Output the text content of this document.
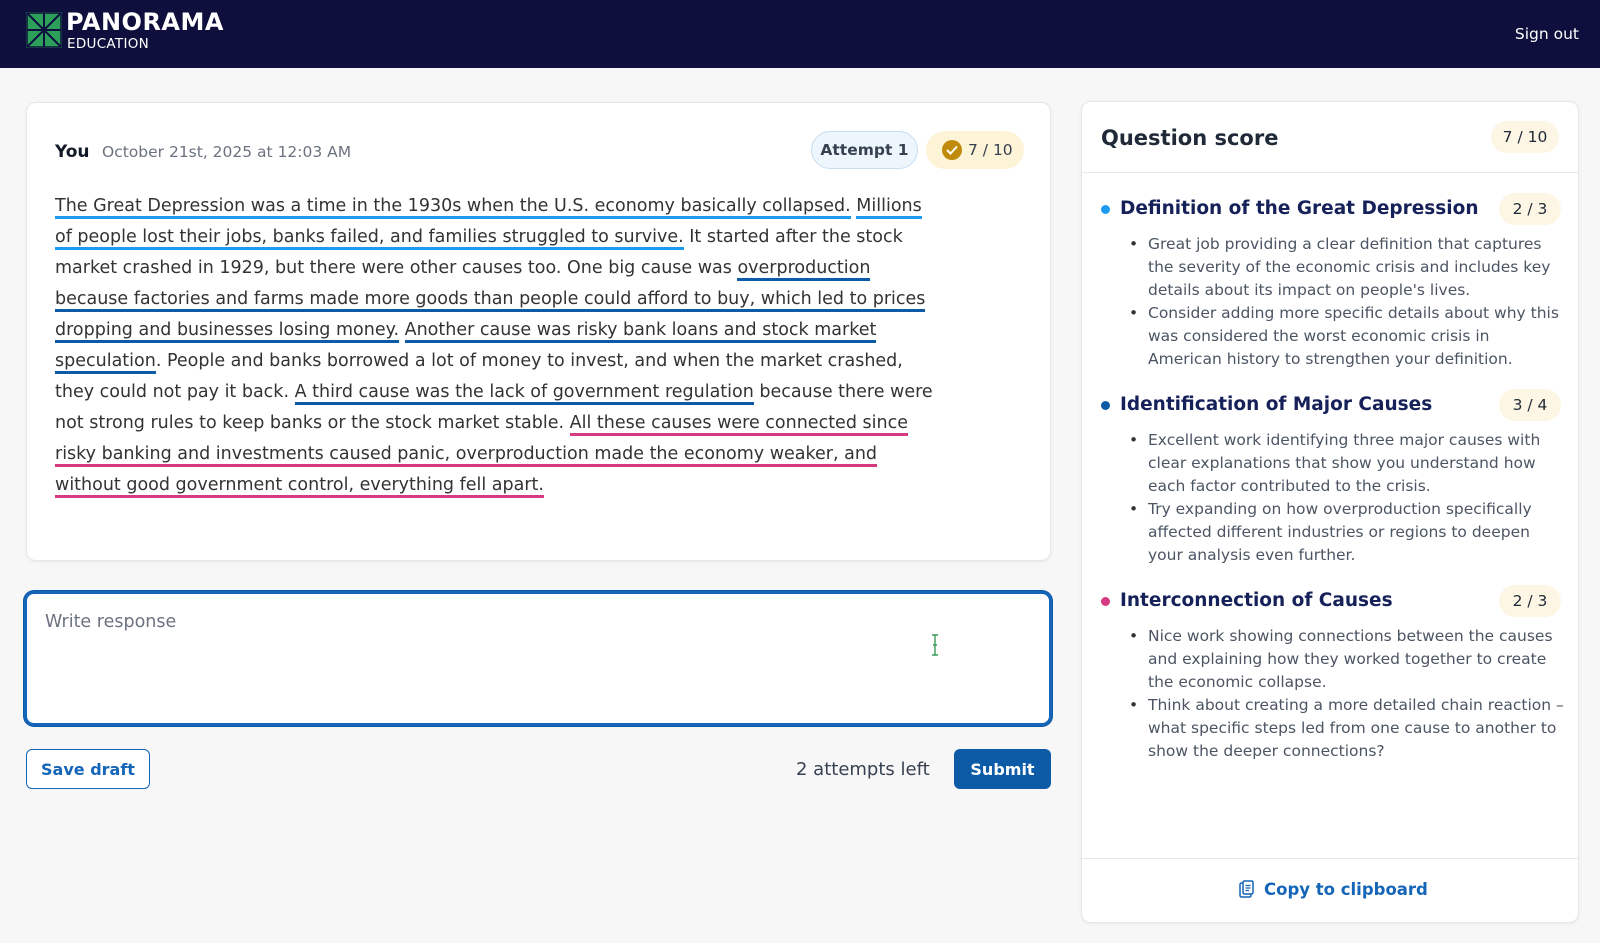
PANORAMA
EDUCATION
Sign out
You October 21st, 2025 at 12:03 AM	Attempt 1	7 / 10

The Great Depression was a time in the 1930s when the U.S. economy basically collapsed. Millions of people lost their jobs, banks failed, and families struggled to survive. It started after the stock market crashed in 1929, but there were other causes too. One big cause was overproduction because factories and farms made more goods than people could afford to buy, which led to prices dropping and businesses losing money. Another cause was risky bank loans and stock market speculation. People and banks borrowed a lot of money to invest, and when the market crashed, they could not pay it back. A third cause was the lack of government regulation because there were not strong rules to keep banks or the stock market stable. All these causes were connected since risky banking and investments caused panic, overproduction made the economy weaker, and without good government control, everything fell apart.

Write response
Save draft	2 attempts left	Submit
Question score	7 / 10
Definition of the Great Depression	2 / 3
• Great job providing a clear definition that captures the severity of the economic crisis and includes key details about its impact on people's lives.
• Consider adding more specific details about why this was considered the worst economic crisis in American history to strengthen your definition.
Identification of Major Causes	3 / 4
• Excellent work identifying three major causes with clear explanations that show you understand how each factor contributed to the crisis.
• Try expanding on how overproduction specifically affected different industries or regions to deepen your analysis even further.
Interconnection of Causes	2 / 3
• Nice work showing connections between the causes and explaining how they worked together to create the economic collapse.
• Think about creating a more detailed chain reaction – what specific steps led from one cause to another to show the deeper connections?
Copy to clipboard
